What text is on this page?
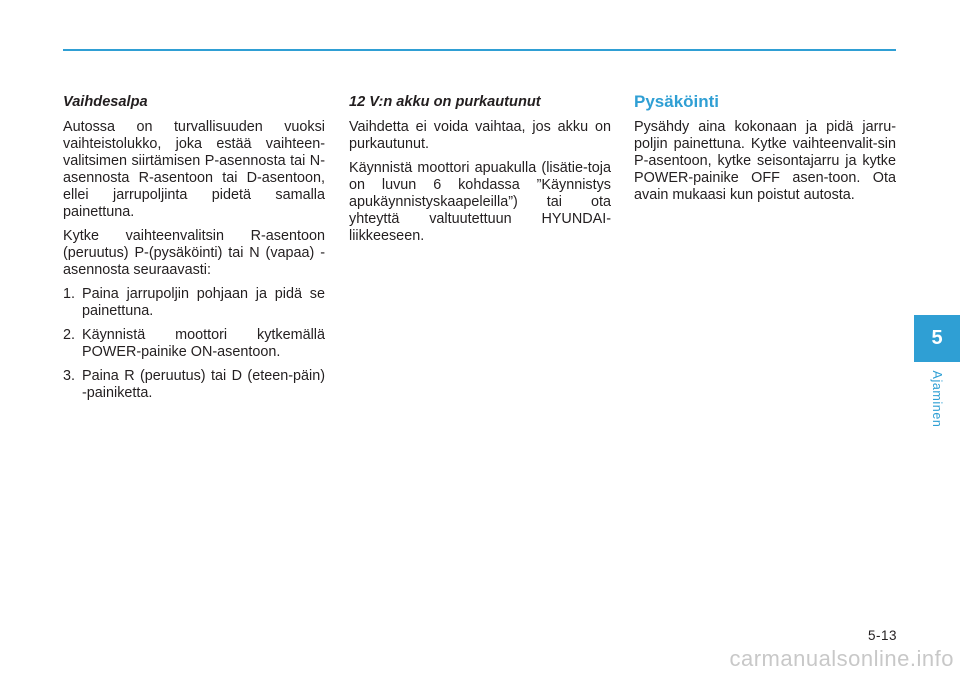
Vaihdesalpa

Autossa on turvallisuuden vuoksi vaihteistolukko, joka estää vaihteen-valitsimen siirtämisen P-asennosta tai N-asennosta R-asentoon tai D-asentoon, ellei jarrupoljinta pidetä samalla painettuna.

Kytke vaihteenvalitsin R-asentoon (peruutus) P-(pysäköinti) tai N (vapaa) -asennosta seuraavasti:

1. Paina jarrupoljin pohjaan ja pidä se painettuna.
2. Käynnistä moottori kytkemällä POWER-painike ON-asentoon.
3. Paina R (peruutus) tai D (eteen-päin) -painiketta.
12 V:n akku on purkautunut

Vaihdetta ei voida vaihtaa, jos akku on purkautunut.

Käynnistä moottori apuakulla (lisätie-toja on luvun 6 kohdassa ”Käynnistys apukäynnistyskaapeleilla”) tai ota yhteyttä valtuutettuun HYUNDAI-liikkeeseen.

Pysäköinti

Pysähdy aina kokonaan ja pidä jarru-poljin painettuna. Kytke vaihteenvalit-sin P-asentoon, kytke seisontajarru ja kytke POWER-painike OFF asen-toon. Ota avain mukaasi kun poistut autosta.

5
Ajaminen
5-13
carmanualsonline.info
